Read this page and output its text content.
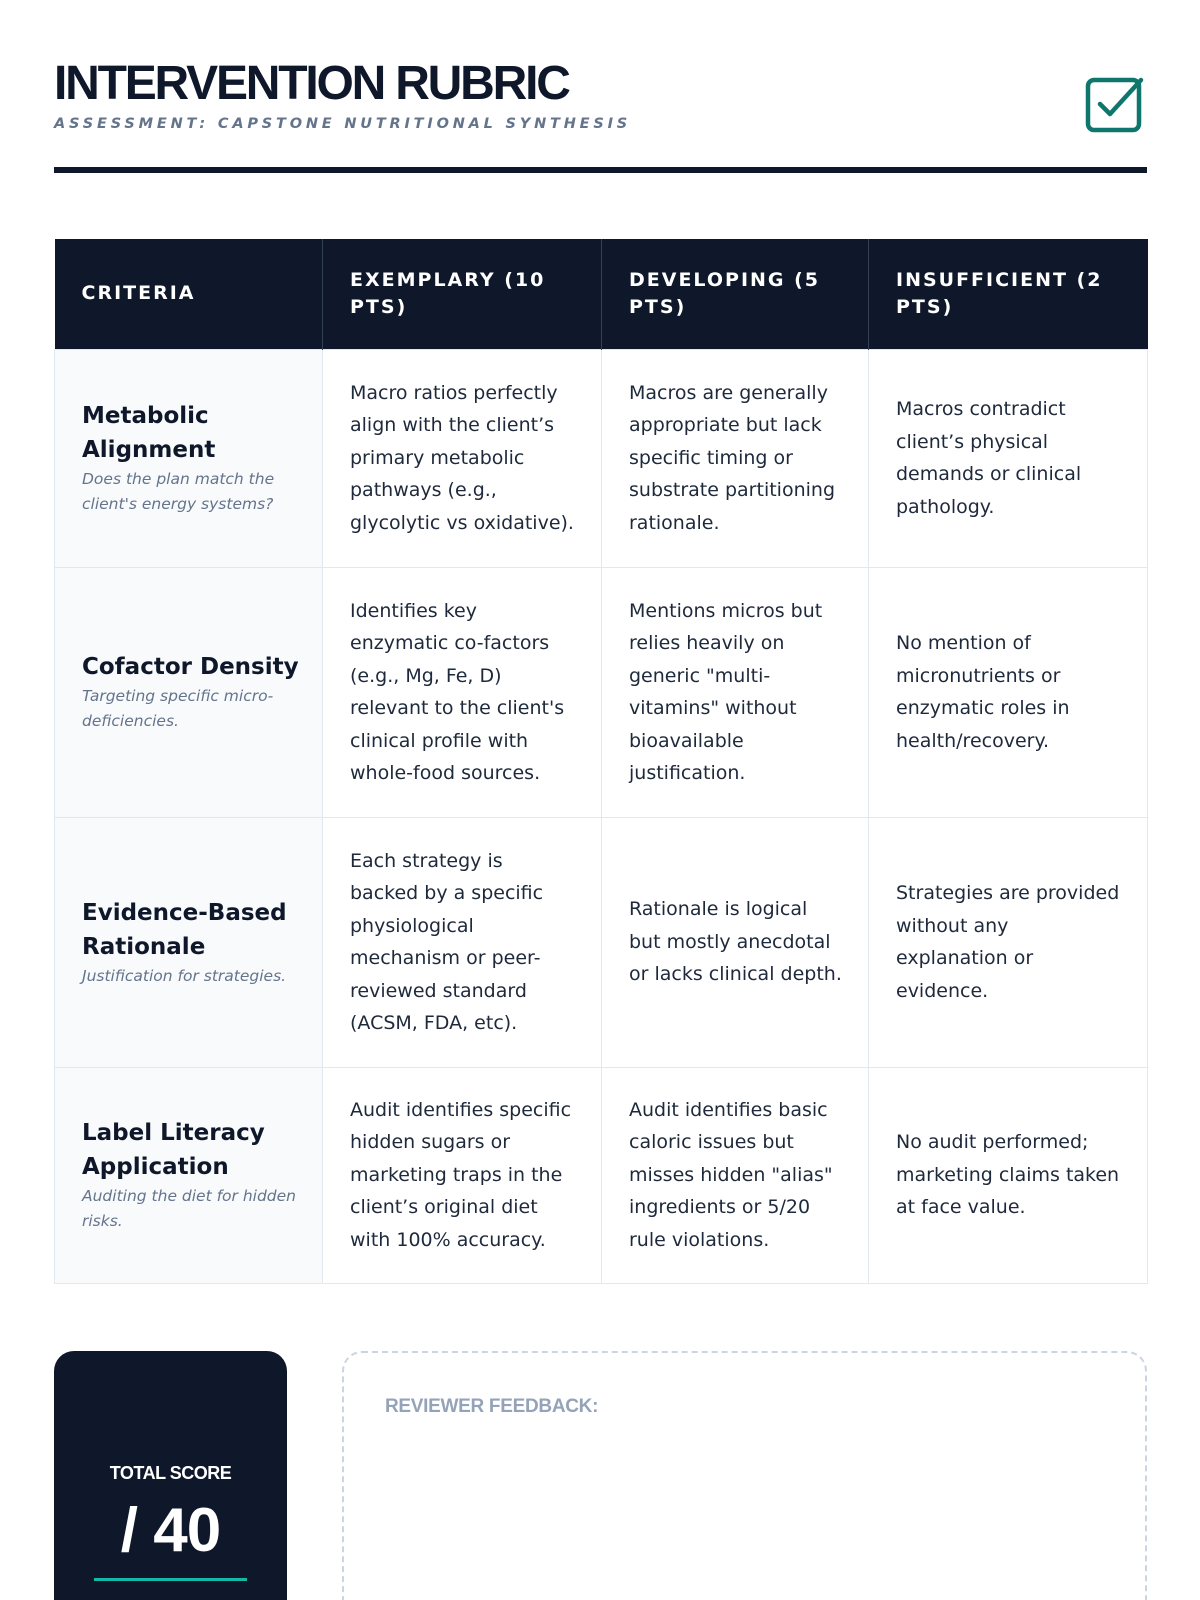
INTERVENTION RUBRIC
ASSESSMENT: CAPSTONE NUTRITIONAL SYNTHESIS
CRITERIA	EXEMPLARY (10 PTS)	DEVELOPING (5 PTS)	INSUFFICIENT (2 PTS)

Metabolic Alignment
Does the plan match the client's energy systems?	Macro ratios perfectly align with the client’s primary metabolic pathways (e.g., glycolytic vs oxidative).	Macros are generally appropriate but lack specific timing or substrate partitioning rationale.	Macros contradict client’s physical demands or clinical pathology.

Cofactor Density
Targeting specific micro-deficiencies.	Identifies key enzymatic co-factors (e.g., Mg, Fe, D) relevant to the client's clinical profile with whole-food sources.	Mentions micros but relies heavily on generic "multi-vitamins" without bioavailable justification.	No mention of micronutrients or enzymatic roles in health/recovery.

Evidence-Based Rationale
Justification for strategies.	Each strategy is backed by a specific physiological mechanism or peer-reviewed standard (ACSM, FDA, etc).	Rationale is logical but mostly anecdotal or lacks clinical depth.	Strategies are provided without any explanation or evidence.

Label Literacy Application
Auditing the diet for hidden risks.	Audit identifies specific hidden sugars or marketing traps in the client’s original diet with 100% accuracy.	Audit identifies basic caloric issues but misses hidden "alias" ingredients or 5/20 rule violations.	No audit performed; marketing claims taken at face value.
TOTAL SCORE
/ 40
REVIEWER FEEDBACK:
